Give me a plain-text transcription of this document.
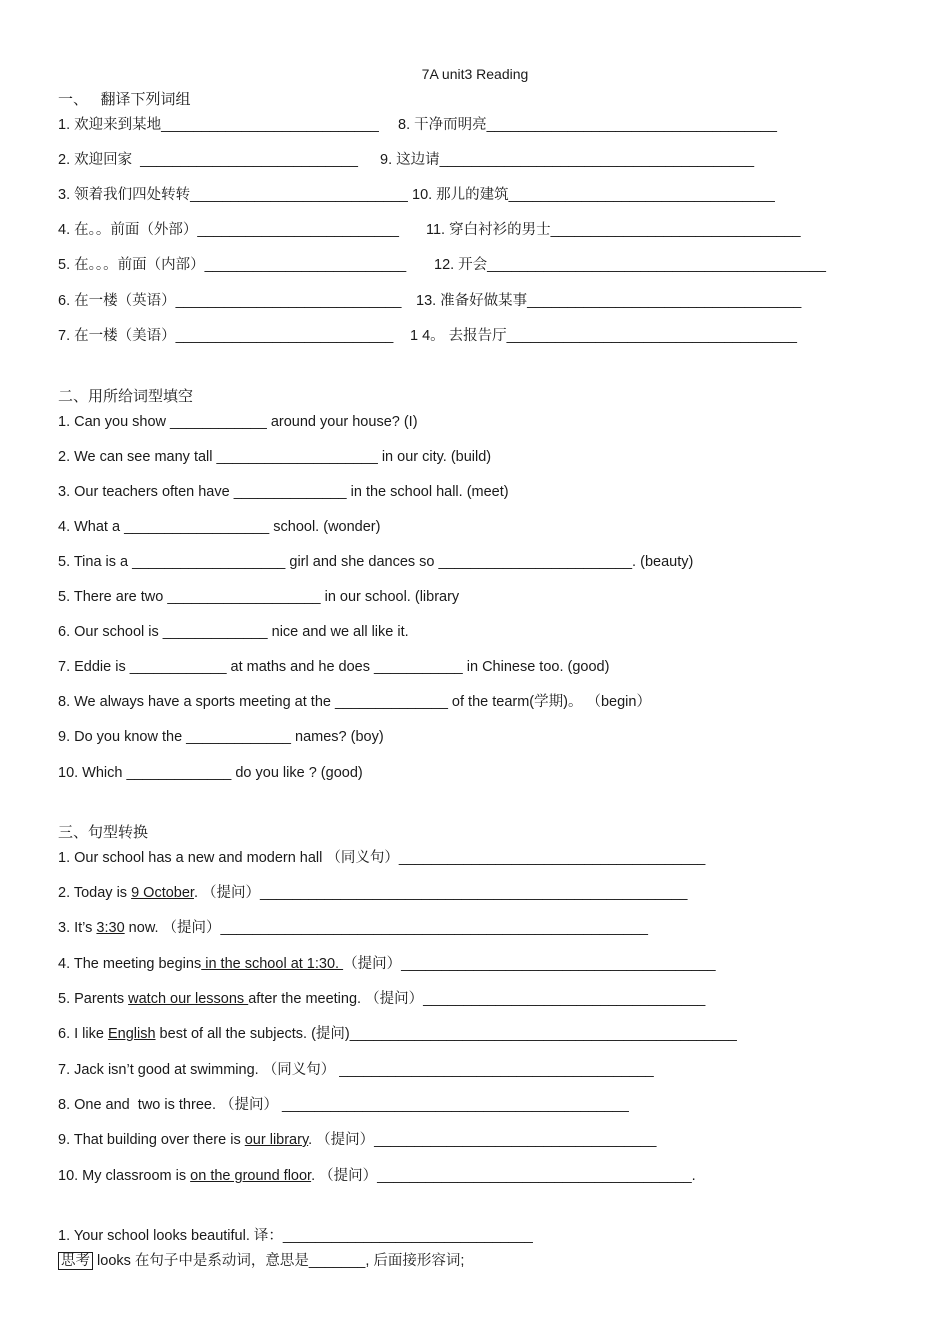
7A unit3 Reading
一、   翻译下列词组
1. 欢迎来到某地___________________________
2. 欢迎回家  ___________________________
3. 领着我们四处转转___________________________
4. 在。。前面（外部）_________________________
5. 在。。。前面（内部）_________________________
6. 在一楼（英语）____________________________
7. 在一楼（美语）___________________________
8. 干净而明亮____________________________________
9. 这边请_______________________________________
10. 那儿的建筑_________________________________
11. 穿白衬衫的男士_______________________________
12. 开会__________________________________________
13. 准备好做某事__________________________________
1 4。 去报告厅____________________________________
二、用所给词型填空
1. Can you show ____________ around your house? (I)
2. We can see many tall ____________________ in our city. (build)
3. Our teachers often have ______________ in the school hall. (meet)
4. What a __________________ school. (wonder)
5. Tina is a ___________________ girl and she dances so ________________________. (beauty)
5. There are two ___________________ in our school. (library
6. Our school is _____________ nice and we all like it.
7. Eddie is ____________ at maths and he does ___________ in Chinese too. (good)
8. We always have a sports meeting at the ______________ of the tearm(学期)。 （begin）
9. Do you know the _____________ names? (boy)
10. Which _____________ do you like ? (good)
三、句型转换
1. Our school has a new and modern hall （同义句）______________________________________
2. Today is 9 October. （提问）_____________________________________________________
3. It’s 3:30 now. （提问）_____________________________________________________
4. The meeting begins in the school at 1:30. （提问）_______________________________________
5. Parents watch our lessons after the meeting. （提问）___________________________________
6. I like English best of all the subjects. (提问)________________________________________________
7. Jack isn’t good at swimming. （同义句） _______________________________________
8. One and  two is three. （提问） ___________________________________________
9. That building over there is our library. （提问）___________________________________
10. My classroom is on the ground floor. （提问）_______________________________________.
1. Your school looks beautiful. 译：_______________________________
思考 looks 在句子中是系动词，意思是_______, 后面接形容词;
